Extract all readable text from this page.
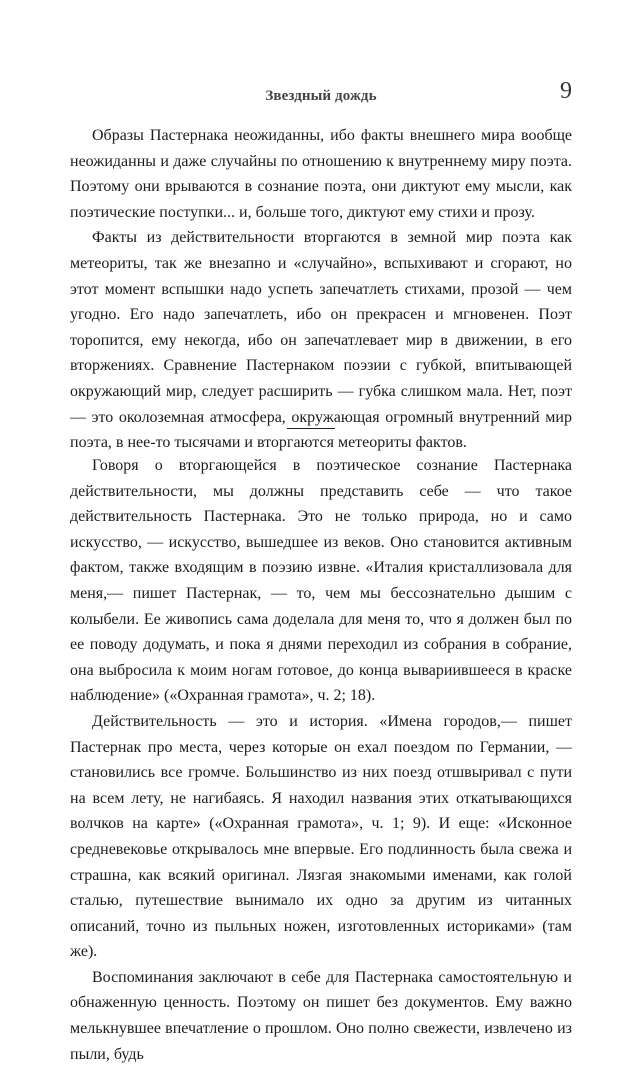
Звездный дождь	9

Образы Пастернака неожиданны, ибо факты внешнего мира вообще неожиданны и даже случайны по отношению к внутреннему миру поэта. Поэтому они врываются в сознание поэта, они диктуют ему мысли, как поэтические поступки... и, больше того, диктуют ему стихи и прозу.

Факты из действительности вторгаются в земной мир поэта как метеориты, так же внезапно и «случайно», вспыхивают и сгорают, но этот момент вспышки надо успеть запечатлеть стихами, прозой — чем угодно. Его надо запечатлеть, ибо он прекрасен и мгновенен. Поэт торопится, ему некогда, ибо он запечатлевает мир в движении, в его вторжениях. Сравнение Пастернаком поэзии с губкой, впитывающей окружающий мир, следует расширить — губка слишком мала. Нет, поэт — это околоземная атмосфера, окружающая огромный внутренний мир поэта, в нее-то тысячами и вторгаются метеориты фактов.

Говоря о вторгающейся в поэтическое сознание Пастернака действительности, мы должны представить себе — что такое действительность Пастернака. Это не только природа, но и само искусство, — искусство, вышедшее из веков. Оно становится активным фактом, также входящим в поэзию извне. «Италия кристаллизовала для меня,— пишет Пастернак, — то, чем мы бессознательно дышим с колыбели. Ее живопись сама доделала для меня то, что я должен был по ее поводу додумать, и пока я днями переходил из собрания в собрание, она выбросила к моим ногам готовое, до конца вывариившееся в краске наблюдение» («Охранная грамота», ч. 2; 18).

Действительность — это и история. «Имена городов,— пишет Пастернак про места, через которые он ехал поездом по Германии, — становились все громче. Большинство из них поезд отшвыривал с пути на всем лету, не нагибаясь. Я находил названия этих откатывающихся волчков на карте» («Охранная грамота», ч. 1; 9). И еще: «Исконное средневековье открывалось мне впервые. Его подлинность была свежа и страшна, как всякий оригинал. Лязгая знакомыми именами, как голой сталью, путешествие вынимало их одно за другим из читанных описаний, точно из пыльных ножен, изготовленных историками» (там же).

Воспоминания заключают в себе для Пастернака самостоятельную и обнаженную ценность. Поэтому он пишет без документов. Ему важно мелькнувшее впечатление о прошлом. Оно полно свежести, извлечено из пыли, будь
